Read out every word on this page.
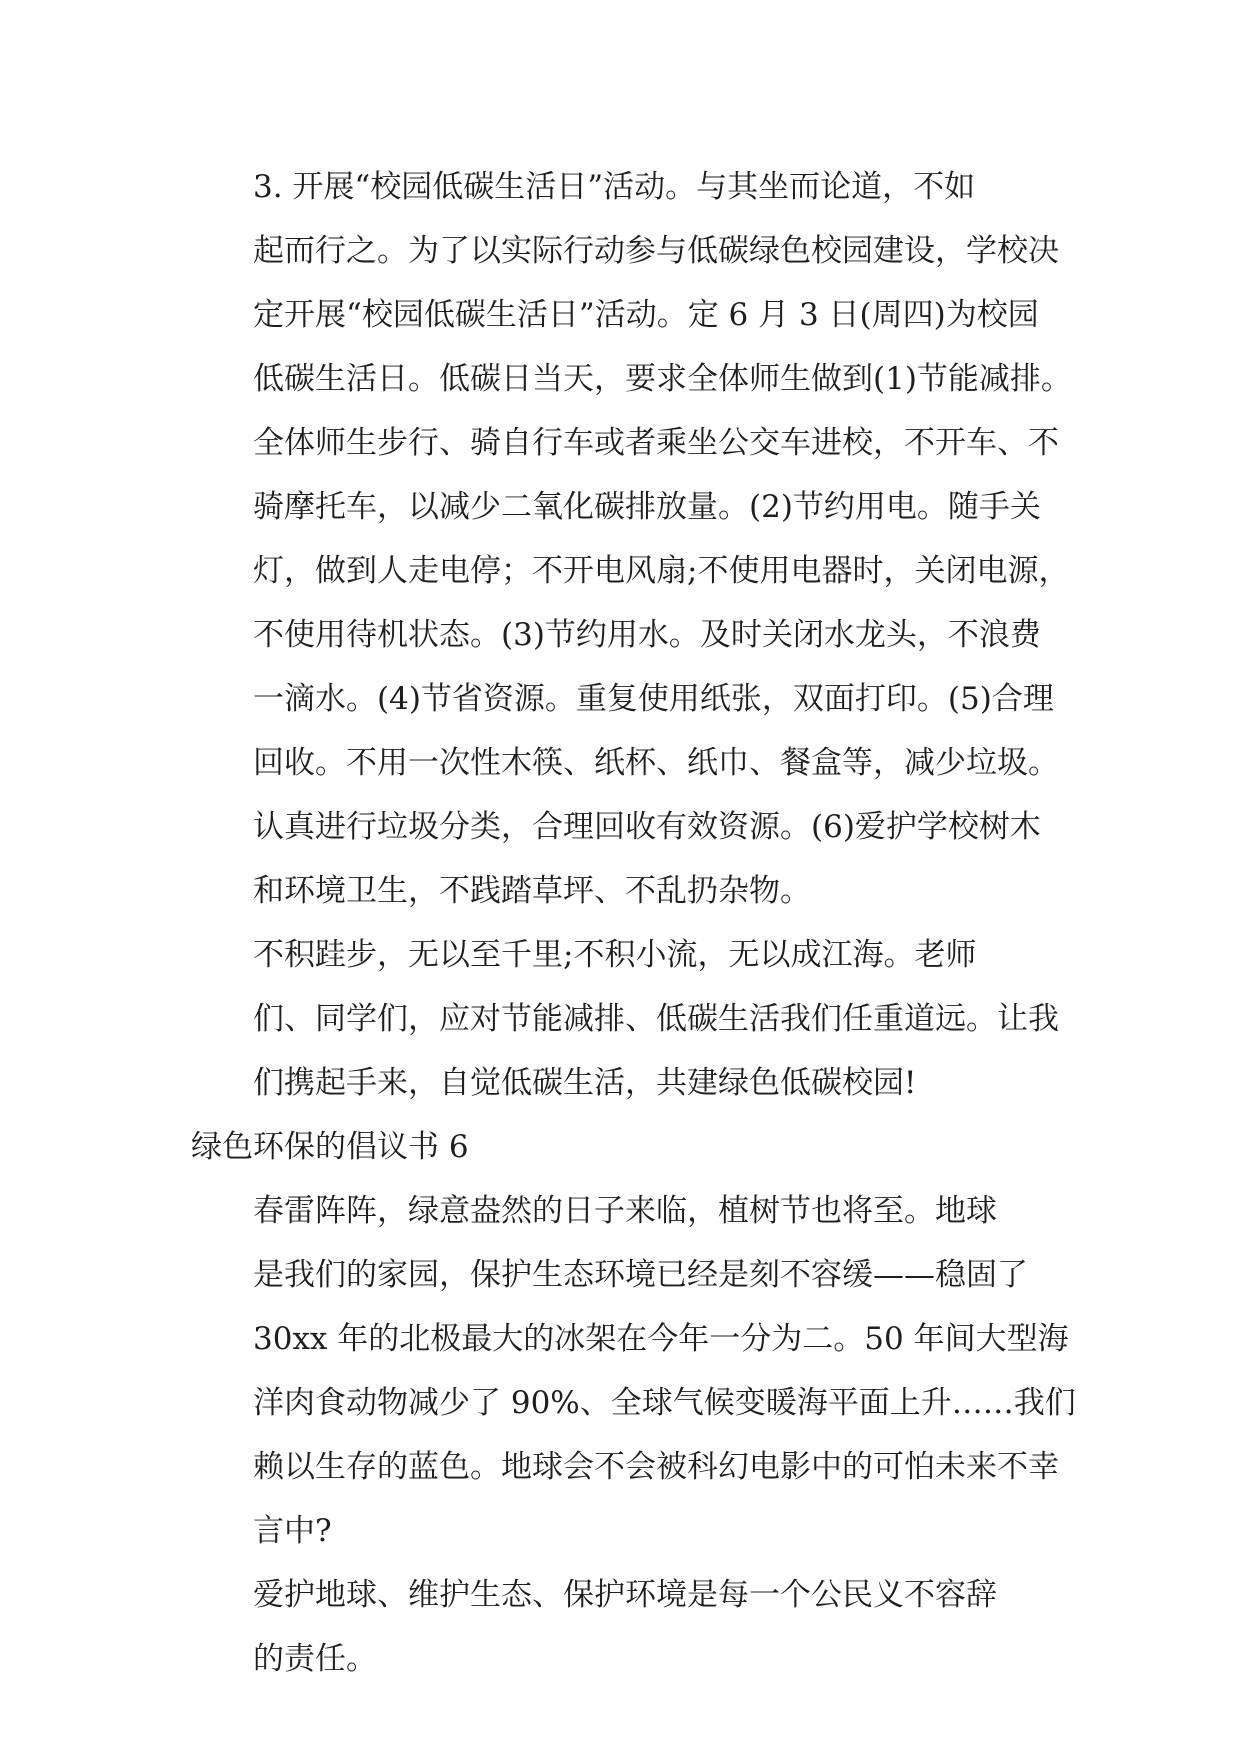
3. 开展“校园低碳生活日”活动。与其坐而论道，不如
起而行之。为了以实际行动参与低碳绿色校园建设，学校决
定开展“校园低碳生活日”活动。定 6 月 3 日(周四)为校园
低碳生活日。低碳日当天，要求全体师生做到(1)节能减排。
全体师生步行、骑自行车或者乘坐公交车进校，不开车、不
骑摩托车，以减少二氧化碳排放量。(2)节约用电。随手关
灯，做到人走电停；不开电风扇;不使用电器时，关闭电源，
不使用待机状态。(3)节约用水。及时关闭水龙头，不浪费
一滴水。(4)节省资源。重复使用纸张，双面打印。(5)合理
回收。不用一次性木筷、纸杯、纸巾、餐盒等，减少垃圾。
认真进行垃圾分类，合理回收有效资源。(6)爱护学校树木
和环境卫生，不践踏草坪、不乱扔杂物。

不积跬步，无以至千里;不积小流，无以成江海。老师
们、同学们，应对节能减排、低碳生活我们任重道远。让我
们携起手来，自觉低碳生活，共建绿色低碳校园!

绿色环保的倡议书 6

春雷阵阵，绿意盎然的日子来临，植树节也将至。地球
是我们的家园，保护生态环境已经是刻不容缓——稳固了
30xx 年的北极最大的冰架在今年一分为二。50 年间大型海
洋肉食动物减少了 90%、全球气候变暖海平面上升……我们
赖以生存的蓝色。地球会不会被科幻电影中的可怕未来不幸
言中?

爱护地球、维护生态、保护环境是每一个公民义不容辞
的责任。
